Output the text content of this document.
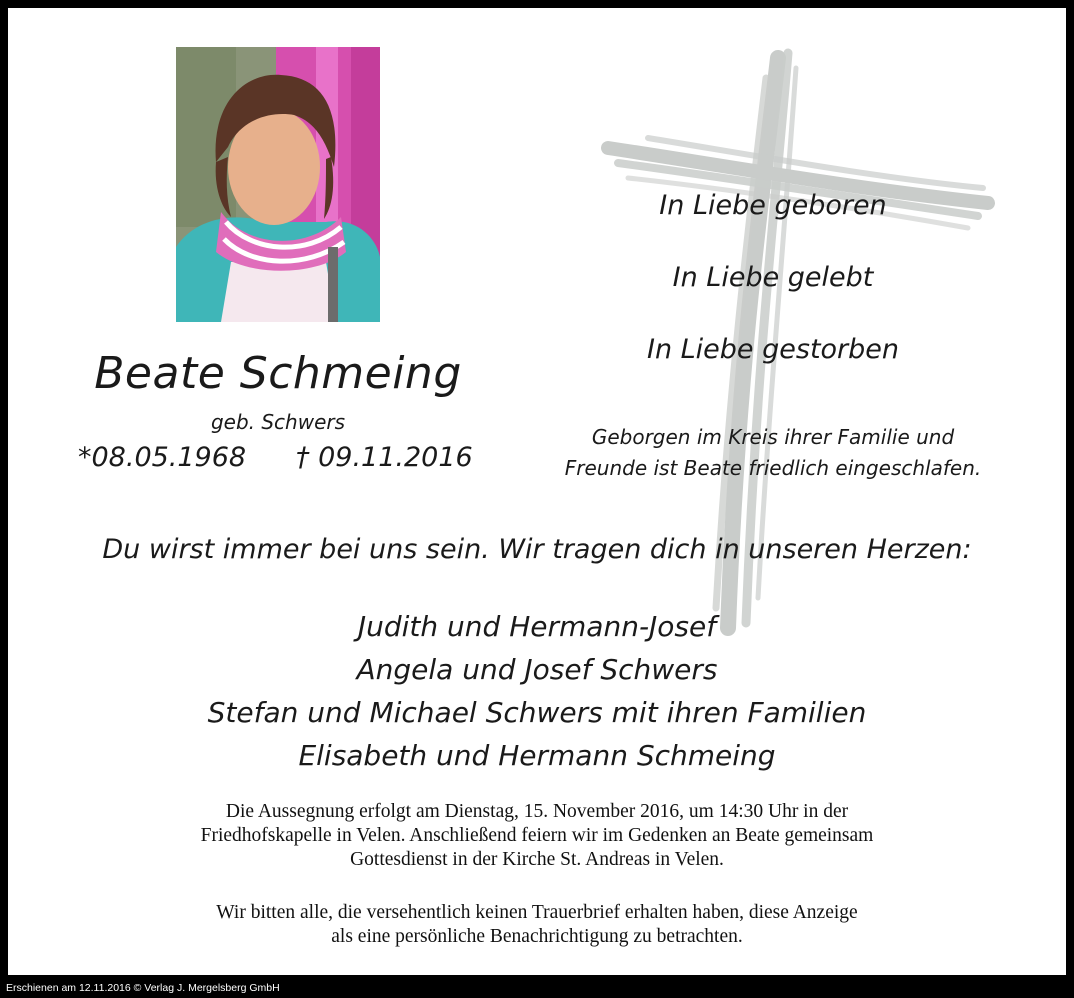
Beate Schmeing
geb. Schwers
*08.05.1968 † 09.11.2016
In Liebe geboren
In Liebe gelebt
In Liebe gestorben
Geborgen im Kreis ihrer Familie und
Freunde ist Beate friedlich eingeschlafen.
Du wirst immer bei uns sein. Wir tragen dich in unseren Herzen:
Judith und Hermann-Josef
Angela und Josef Schwers
Stefan und Michael Schwers mit ihren Familien
Elisabeth und Hermann Schmeing
Die Aussegnung erfolgt am Dienstag, 15. November 2016, um 14:30 Uhr in der
Friedhofskapelle in Velen. Anschließend feiern wir im Gedenken an Beate gemeinsam
Gottesdienst in der Kirche St. Andreas in Velen.
Wir bitten alle, die versehentlich keinen Trauerbrief erhalten haben, diese Anzeige
als eine persönliche Benachrichtigung zu betrachten.
Erschienen am 12.11.2016 © Verlag J. Mergelsberg GmbH
